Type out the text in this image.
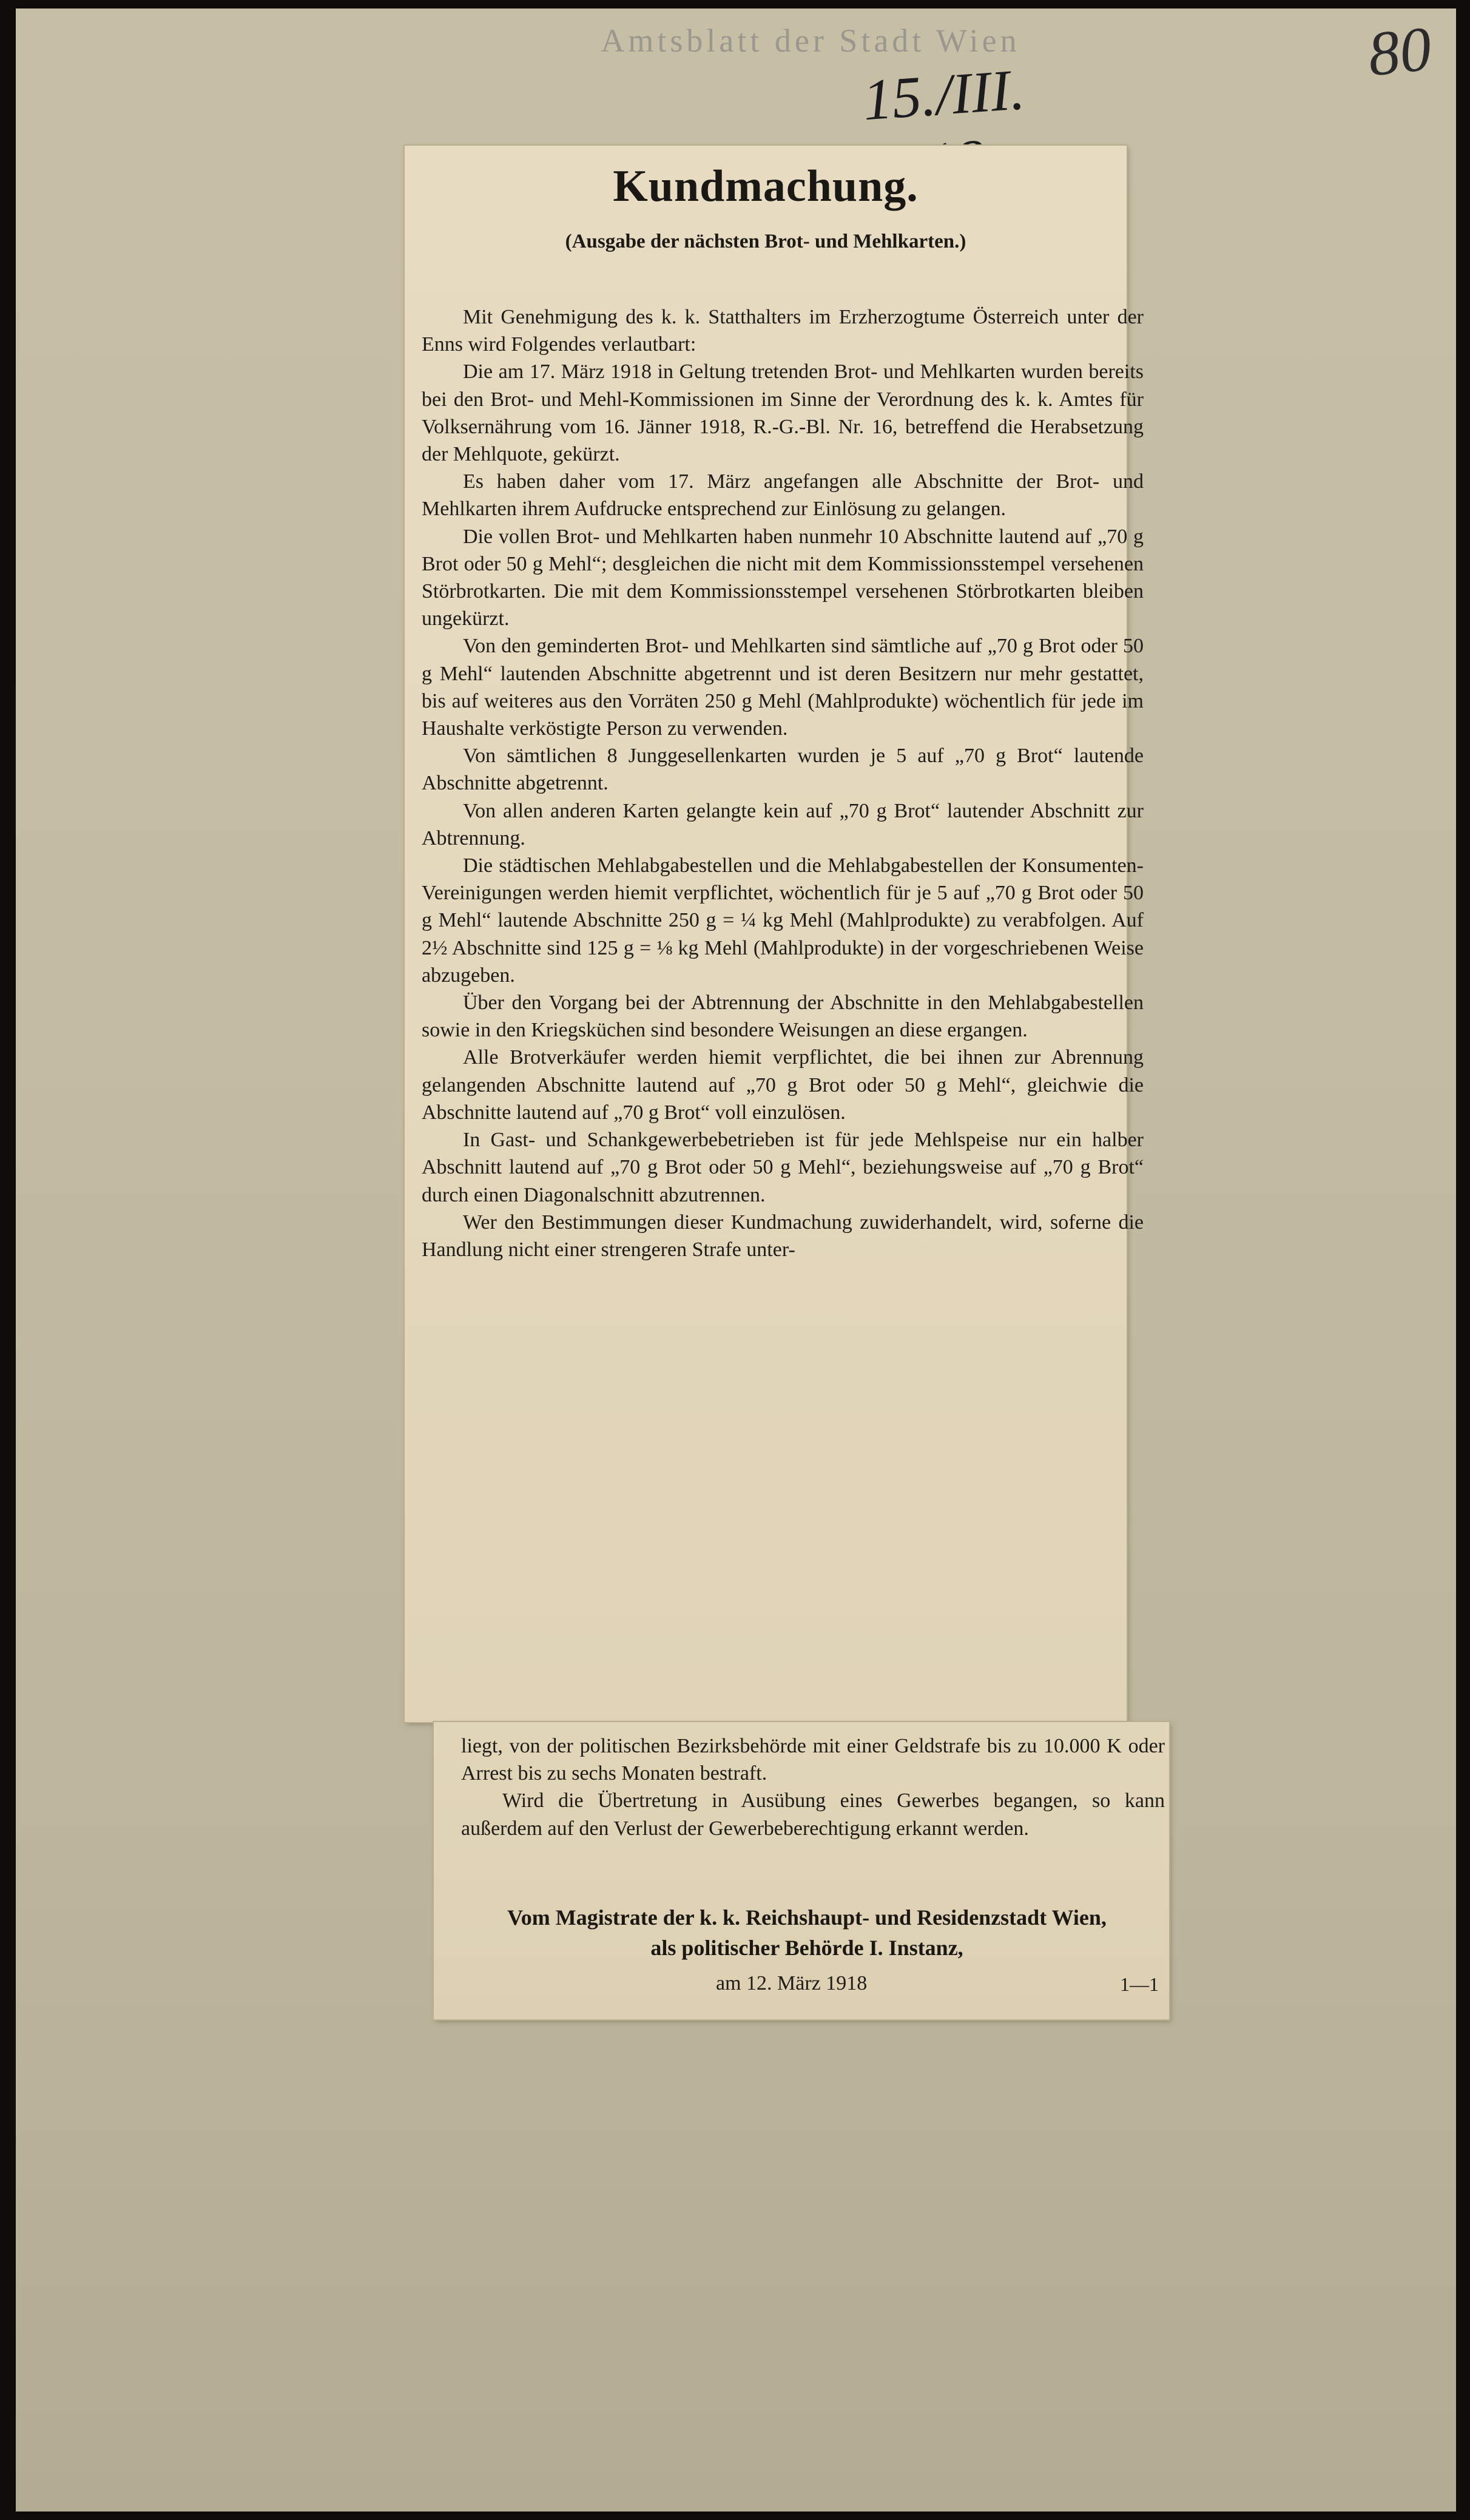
Amtsblatt der Stadt Wien
15./III.
80
Kundmachung.
(Ausgabe der nächsten Brot- und Mehlkarten.)

Mit Genehmigung des k. k. Statthalters im Erzherzogtume Österreich unter der Enns wird Folgendes verlautbart:

Die am 17. März 1918 in Geltung tretenden Brot- und Mehlkarten wurden bereits bei den Brot- und Mehl-Kommissionen im Sinne der Verordnung des k. k. Amtes für Volksernährung vom 16. Jänner 1918, R.-G.-Bl. Nr. 16, betreffend die Herabsetzung der Mehlquote, gekürzt.

Es haben daher vom 17. März angefangen alle Abschnitte der Brot- und Mehlkarten ihrem Aufdrucke entsprechend zur Einlösung zu gelangen.

Die vollen Brot- und Mehlkarten haben nunmehr 10 Abschnitte lautend auf „70 g Brot oder 50 g Mehl“; desgleichen die nicht mit dem Kommissionsstempel versehenen Störbrotkarten. Die mit dem Kommissionsstempel versehenen Störbrotkarten bleiben ungekürzt.

Von den geminderten Brot- und Mehlkarten sind sämtliche auf „70 g Brot oder 50 g Mehl“ lautenden Abschnitte abgetrennt und ist deren Besitzern nur mehr gestattet, bis auf weiteres aus den Vorräten 250 g Mehl (Mahlprodukte) wöchentlich für jede im Haushalte verköstigte Person zu verwenden.

Von sämtlichen 8 Junggesellenkarten wurden je 5 auf „70 g Brot“ lautende Abschnitte abgetrennt.

Von allen anderen Karten gelangte kein auf „70 g Brot“ lautender Abschnitt zur Abtrennung.

Die städtischen Mehlabgabestellen und die Mehlabgabestellen der Konsumenten-Vereinigungen werden hiemit verpflichtet, wöchentlich für je 5 auf „70 g Brot oder 50 g Mehl“ lautende Abschnitte 250 g = ¼ kg Mehl (Mahlprodukte) zu verabfolgen. Auf 2½ Abschnitte sind 125 g = ⅛ kg Mehl (Mahlprodukte) in der vorgeschriebenen Weise abzugeben.

Über den Vorgang bei der Abtrennung der Abschnitte in den Mehlabgabestellen sowie in den Kriegsküchen sind besondere Weisungen an diese ergangen.

Alle Brotverkäufer werden hiemit verpflichtet, die bei ihnen zur Abrennung gelangenden Abschnitte lautend auf „70 g Brot oder 50 g Mehl“, gleichwie die Abschnitte lautend auf „70 g Brot“ voll einzulösen.

In Gast- und Schankgewerbebetrieben ist für jede Mehlspeise nur ein halber Abschnitt lautend auf „70 g Brot oder 50 g Mehl“, beziehungsweise auf „70 g Brot“ durch einen Diagonalschnitt abzutrennen.

Wer den Bestimmungen dieser Kundmachung zuwiderhandelt, wird, soferne die Handlung nicht einer strengeren Strafe unter-

liegt, von der politischen Bezirksbehörde mit einer Geldstrafe bis zu 10.000 K oder Arrest bis zu sechs Monaten bestraft.

Wird die Übertretung in Ausübung eines Gewerbes begangen, so kann außerdem auf den Verlust der Gewerbeberechtigung erkannt werden.

Vom Magistrate der k. k. Reichshaupt- und Residenzstadt Wien,
als politischer Behörde I. Instanz,
am 12. März 1918	1—1
